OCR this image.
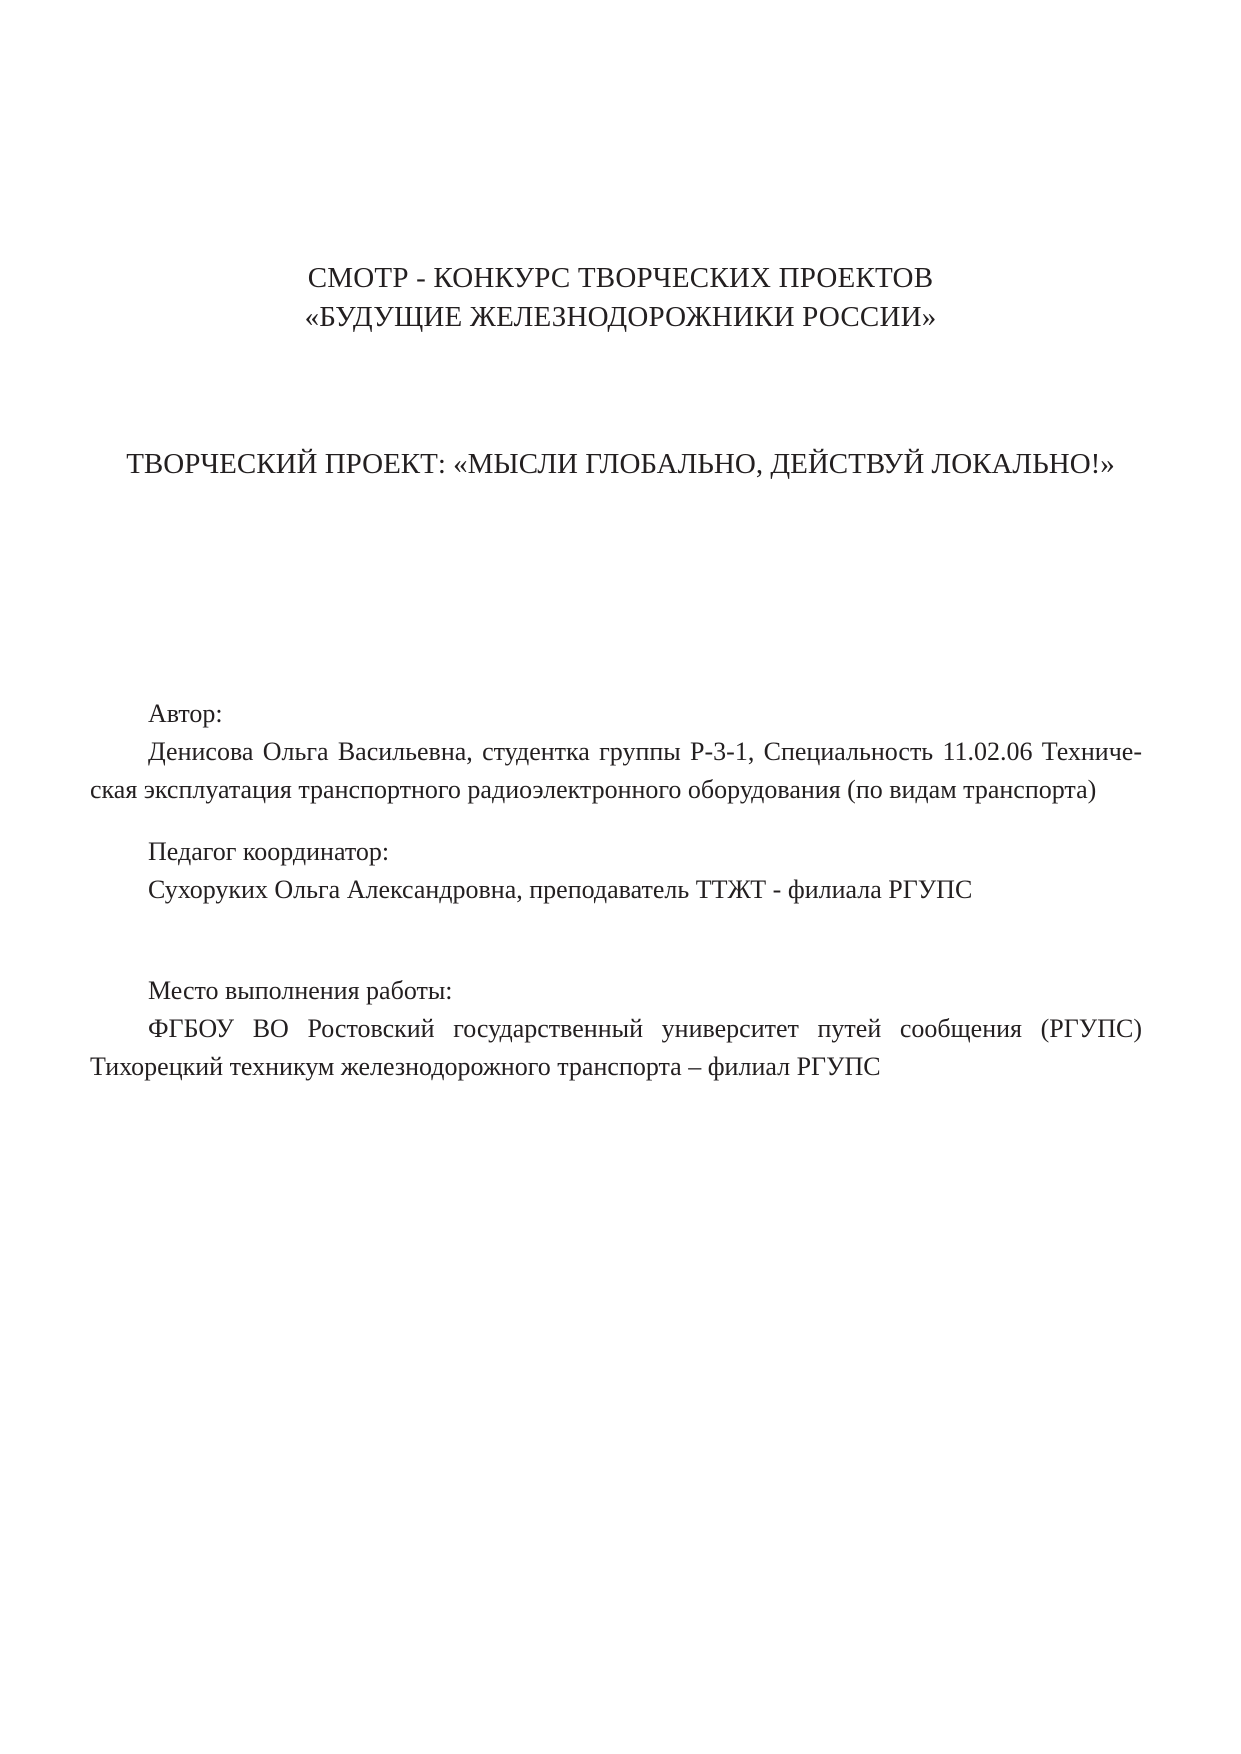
СМОТР - КОНКУРС ТВОРЧЕСКИХ ПРОЕКТОВ
«БУДУЩИЕ ЖЕЛЕЗНОДОРОЖНИКИ РОССИИ»
ТВОРЧЕСКИЙ ПРОЕКТ: «МЫСЛИ ГЛОБАЛЬНО, ДЕЙСТВУЙ ЛОКАЛЬНО!»
Автор:
Денисова Ольга Васильевна, студентка группы Р-3-1, Специальность 11.02.06 Техниче-
ская эксплуатация транспортного радиоэлектронного оборудования (по видам транспорта)
Педагог координатор:
Сухоруких Ольга Александровна, преподаватель ТТЖТ - филиала РГУПС
Место выполнения работы:
ФГБОУ ВО Ростовский государственный университет путей сообщения (РГУПС)
Тихорецкий техникум железнодорожного транспорта – филиал РГУПС
